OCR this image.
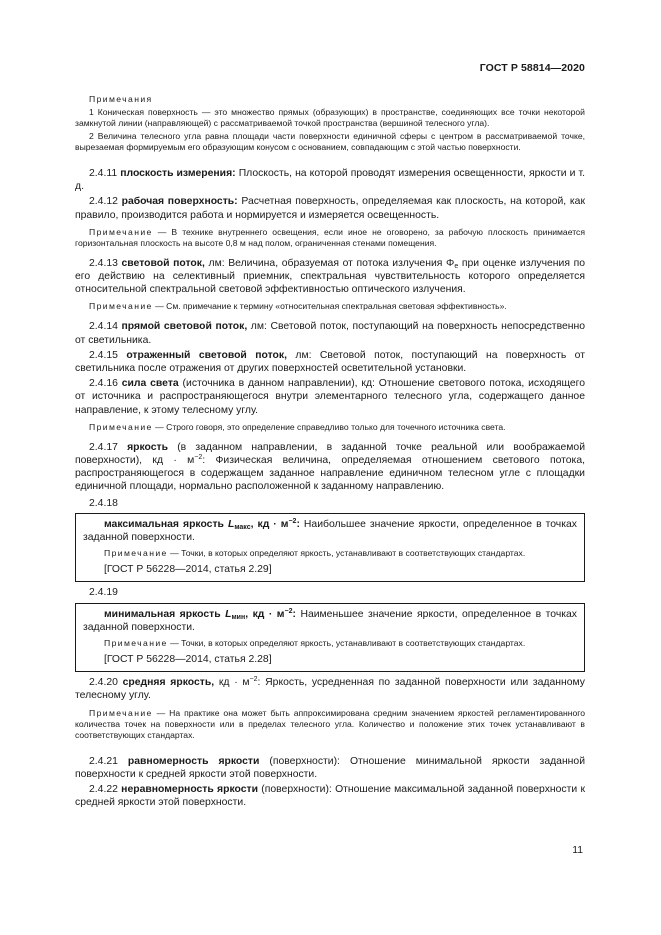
ГОСТ Р 58814—2020

Примечания

1 Коническая поверхность — это множество прямых (образующих) в пространстве, соединяющих все точки некоторой замкнутой линии (направляющей) с рассматриваемой точкой пространства (вершиной телесного угла).

2 Величина телесного угла равна площади части поверхности единичной сферы с центром в рассматриваемой точке, вырезаемая формируемым его образующим конусом с основанием, совпадающим с этой частью поверхности.

2.4.11 плоскость измерения: Плоскость, на которой проводят измерения освещенности, яркости и т. д.

2.4.12 рабочая поверхность: Расчетная поверхность, определяемая как плоскость, на которой, как правило, производится работа и нормируется и измеряется освещенность.

Примечание — В технике внутреннего освещения, если иное не оговорено, за рабочую плоскость принимается горизонтальная плоскость на высоте 0,8 м над полом, ограниченная стенами помещения.

2.4.13 световой поток, лм: Величина, образуемая от потока излучения $\Phi_e$ при оценке излучения по его действию на селективный приемник, спектральная чувствительность которого определяется относительной спектральной световой эффективностью оптического излучения.

Примечание — См. примечание к термину «относительная спектральная световая эффективность».

2.4.14 прямой световой поток, лм: Световой поток, поступающий на поверхность непосредственно от светильника.

2.4.15 отраженный световой поток, лм: Световой поток, поступающий на поверхность от светильника после отражения от других поверхностей осветительной установки.

2.4.16 сила света (источника в данном направлении), кд: Отношение светового потока, исходящего от источника и распространяющегося внутри элементарного телесного угла, содержащего данное направление, к этому телесному углу.

Примечание — Строго говоря, это определение справедливо только для точечного источника света.

2.4.17 яркость (в заданном направлении, в заданной точке реальной или воображаемой поверхности), кд · $м^{-2}$: Физическая величина, определяемая отношением светового потока, распространяющегося в содержащем заданное направление единичном телесном угле с площадки единичной площади, нормально расположенной к заданному направлению.

2.4.18

максимальная яркость $L_{макс}$, кд · $м^{-2}$: Наибольшее значение яркости, определенное в точках заданной поверхности.

Примечание — Точки, в которых определяют яркость, устанавливают в соответствующих стандартах.

[ГОСТ Р 56228—2014, статья 2.29]

2.4.19

минимальная яркость $L_{мин}$, кд · $м^{-2}$: Наименьшее значение яркости, определенное в точках заданной поверхности.

Примечание — Точки, в которых определяют яркость, устанавливают в соответствующих стандартах.

[ГОСТ Р 56228—2014, статья 2.28]

2.4.20 средняя яркость, кд · $м^{-2}$: Яркость, усредненная по заданной поверхности или заданному телесному углу.

Примечание — На практике она может быть аппроксимирована средним значением яркостей регламентированного количества точек на поверхности или в пределах телесного угла. Количество и положение этих точек устанавливают в соответствующих стандартах.

2.4.21 равномерность яркости (поверхности): Отношение минимальной яркости заданной поверхности к средней яркости этой поверхности.

2.4.22 неравномерность яркости (поверхности): Отношение максимальной заданной поверхности к средней яркости этой поверхности.

11
